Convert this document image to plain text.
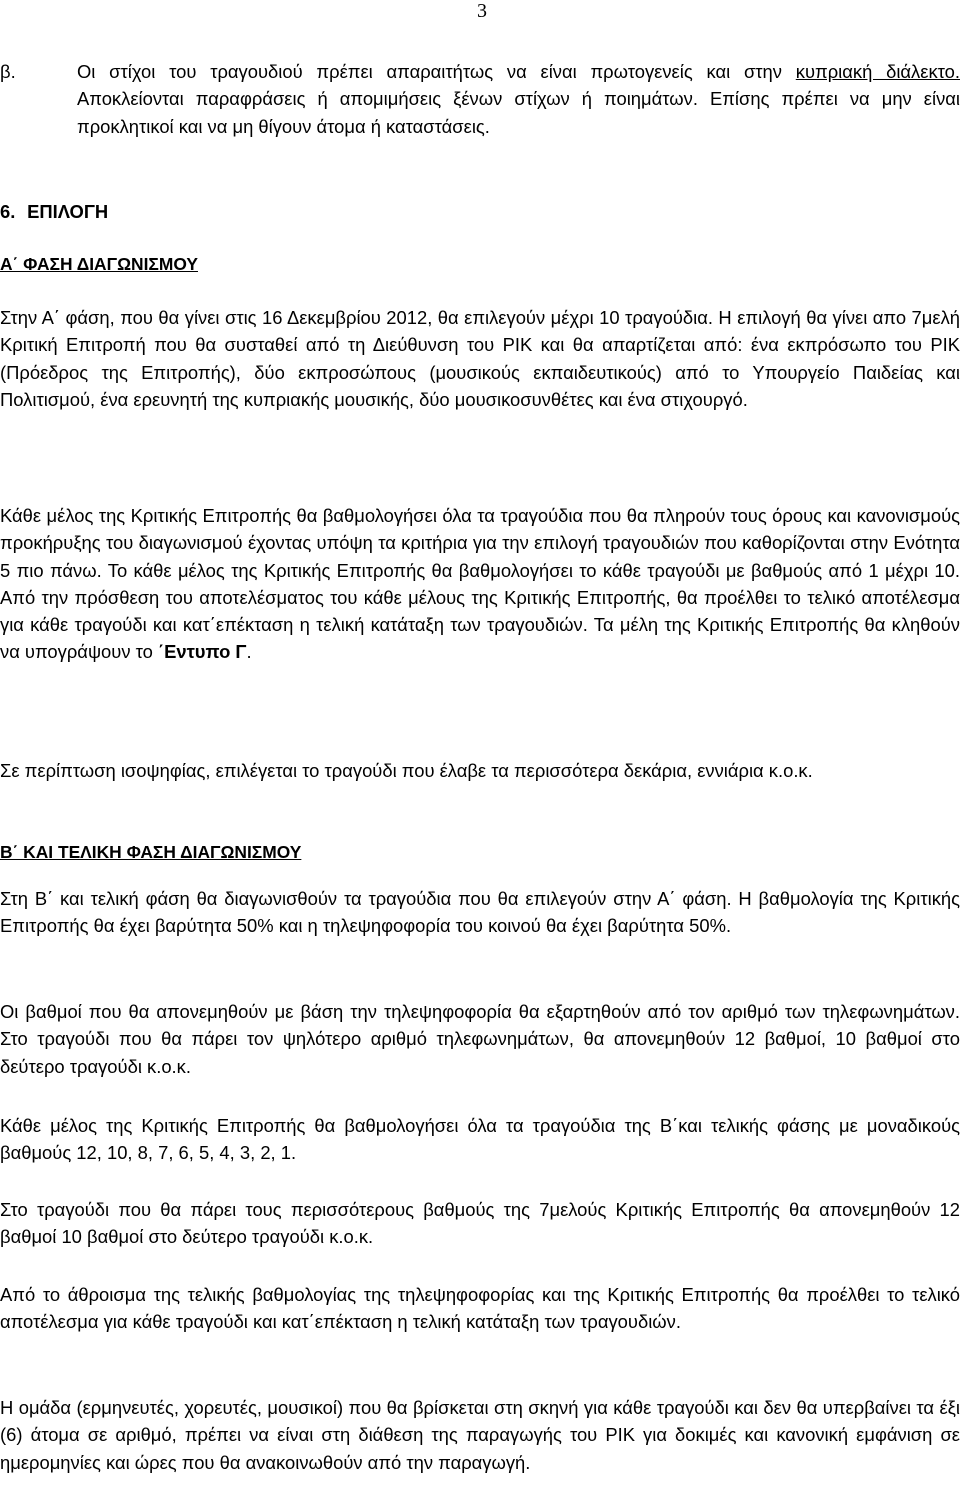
3
β.	Οι στίχοι του τραγουδιού πρέπει απαραιτήτως να είναι πρωτογενείς και στην κυπριακή διάλεκτο. Αποκλείονται παραφράσεις ή απομιμήσεις ξένων στίχων ή ποιημάτων. Επίσης πρέπει να μην είναι προκλητικοί και να μη θίγουν άτομα ή καταστάσεις.

6. ΕΠΙΛΟΓΗ
Α΄ ΦΑΣΗ ΔΙΑΓΩΝΙΣΜΟΥ

Στην Α΄ φάση, που θα γίνει στις 16 Δεκεμβρίου 2012, θα επιλεγούν μέχρι 10 τραγούδια. Η επιλογή θα γίνει απο 7μελή Κριτική Επιτροπή που θα συσταθεί από τη Διεύθυνση του ΡΙΚ και θα απαρτίζεται από: ένα εκπρόσωπο του ΡΙΚ (Πρόεδρος της Επιτροπής), δύο εκπροσώπους (μουσικούς εκπαιδευτικούς) από το Υπουργείο Παιδείας και Πολιτισμού, ένα ερευνητή της κυπριακής μουσικής, δύο μουσικοσυνθέτες και ένα στιχουργό.

Κάθε μέλος της Κριτικής Επιτροπής θα βαθμολογήσει όλα τα τραγούδια που θα πληρούν τους όρους και κανονισμούς προκήρυξης του διαγωνισμού έχοντας υπόψη τα κριτήρια για την επιλογή τραγουδιών που καθορίζονται στην Ενότητα 5 πιο πάνω. Το κάθε μέλος της Κριτικής Επιτροπής θα βαθμολογήσει το κάθε τραγούδι με βαθμούς από 1 μέχρι 10. Από την πρόσθεση του αποτελέσματος του κάθε μέλους της Κριτικής Επιτροπής, θα προέλθει το τελικό αποτέλεσμα για κάθε τραγούδι και κατ΄επέκταση η τελική κατάταξη των τραγουδιών. Τα μέλη της Κριτικής Επιτροπής θα κληθούν να υπογράψουν το ΄Εντυπο Γ.

Σε περίπτωση ισοψηφίας, επιλέγεται το τραγούδι που έλαβε τα περισσότερα δεκάρια, εννιάρια κ.ο.κ.

Β΄ ΚΑΙ ΤΕΛΙΚΗ ΦΑΣΗ ΔΙΑΓΩΝΙΣΜΟΥ

Στη Β΄ και τελική φάση θα διαγωνισθούν τα τραγούδια που θα επιλεγούν στην Α΄ φάση. Η βαθμολογία της Κριτικής Επιτροπής θα έχει βαρύτητα 50% και η τηλεψηφοφορία του κοινού θα έχει βαρύτητα 50%.

Οι βαθμοί που θα απονεμηθούν με βάση την τηλεψηφοφορία θα εξαρτηθούν από τον αριθμό των τηλεφωνημάτων. Στο τραγούδι που θα πάρει τον ψηλότερο αριθμό τηλεφωνημάτων, θα απονεμηθούν 12 βαθμοί, 10 βαθμοί στο δεύτερο τραγούδι κ.ο.κ.

Κάθε μέλος της Κριτικής Επιτροπής θα βαθμολογήσει όλα τα τραγούδια της Β΄και τελικής φάσης με μοναδικούς βαθμούς 12, 10, 8, 7, 6, 5, 4, 3, 2, 1.

Στο τραγούδι που θα πάρει τους περισσότερους βαθμούς της 7μελούς Κριτικής Επιτροπής θα απονεμηθούν 12 βαθμοί 10 βαθμοί στο δεύτερο τραγούδι κ.ο.κ.

Από το άθροισμα της τελικής βαθμολογίας της τηλεψηφοφορίας και της Κριτικής Επιτροπής θα προέλθει το τελικό αποτέλεσμα για κάθε τραγούδι και κατ΄επέκταση η τελική κατάταξη των τραγουδιών.

Η ομάδα (ερμηνευτές, χορευτές, μουσικοί) που θα βρίσκεται στη σκηνή για κάθε τραγούδι και δεν θα υπερβαίνει τα έξι (6) άτομα σε αριθμό, πρέπει να είναι στη διάθεση της παραγωγής του ΡΙΚ για δοκιμές και κανονική εμφάνιση σε ημερομηνίες και ώρες που θα ανακοινωθούν από την παραγωγή.
